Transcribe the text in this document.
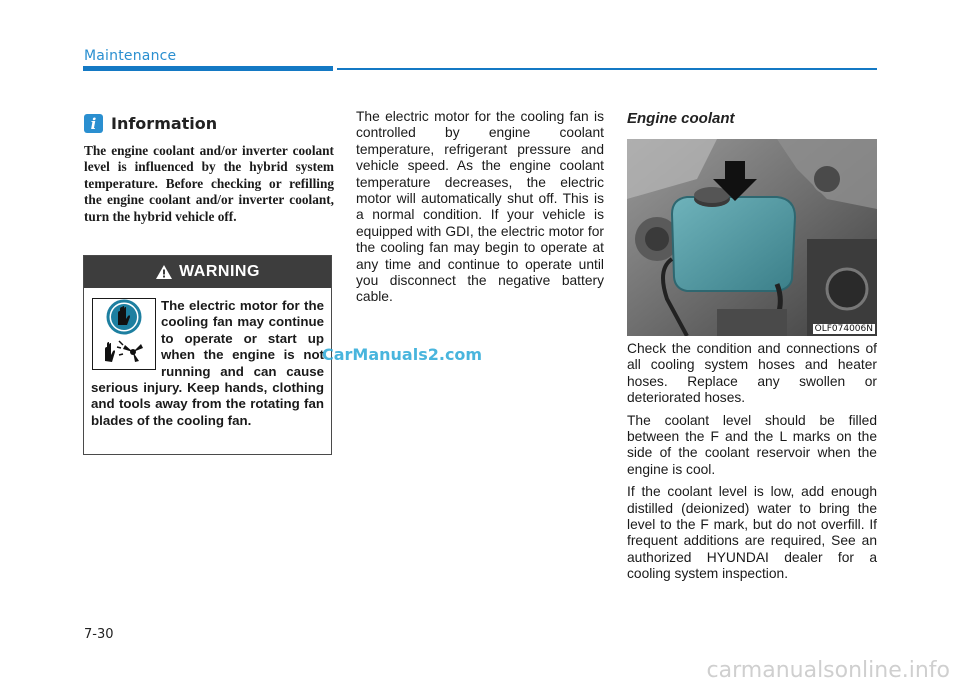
Maintenance
i Information
The engine coolant and/or inverter coolant level is influenced by the hybrid system temperature. Before checking or refilling the engine coolant and/or inverter coolant, turn the hybrid vehicle off.
WARNING
The electric motor for the cooling fan may continue to operate or start up when the engine is not running and can cause serious injury. Keep hands, clothing and tools away from the rotating fan blades of the cooling fan.
The electric motor for the cooling fan is controlled by engine coolant temperature, refrigerant pressure and vehicle speed. As the engine coolant temperature decreases, the electric motor will automatically shut off. This is a normal condition. If your vehicle is equipped with GDI, the electric motor for the cooling fan may begin to operate at any time and continue to operate until you disconnect the negative battery cable.
CarManuals2.com
Engine coolant
OLF074006N

Check the condition and connections of all cooling system hoses and heater hoses. Replace any swollen or deteriorated hoses.

The coolant level should be filled between the F and the L marks on the side of the coolant reservoir when the engine is cool.

If the coolant level is low, add enough distilled (deionized) water to bring the level to the F mark, but do not overfill. If frequent additions are required, See an authorized HYUNDAI dealer for a cooling system inspection.

7-30
carmanualsonline.info
